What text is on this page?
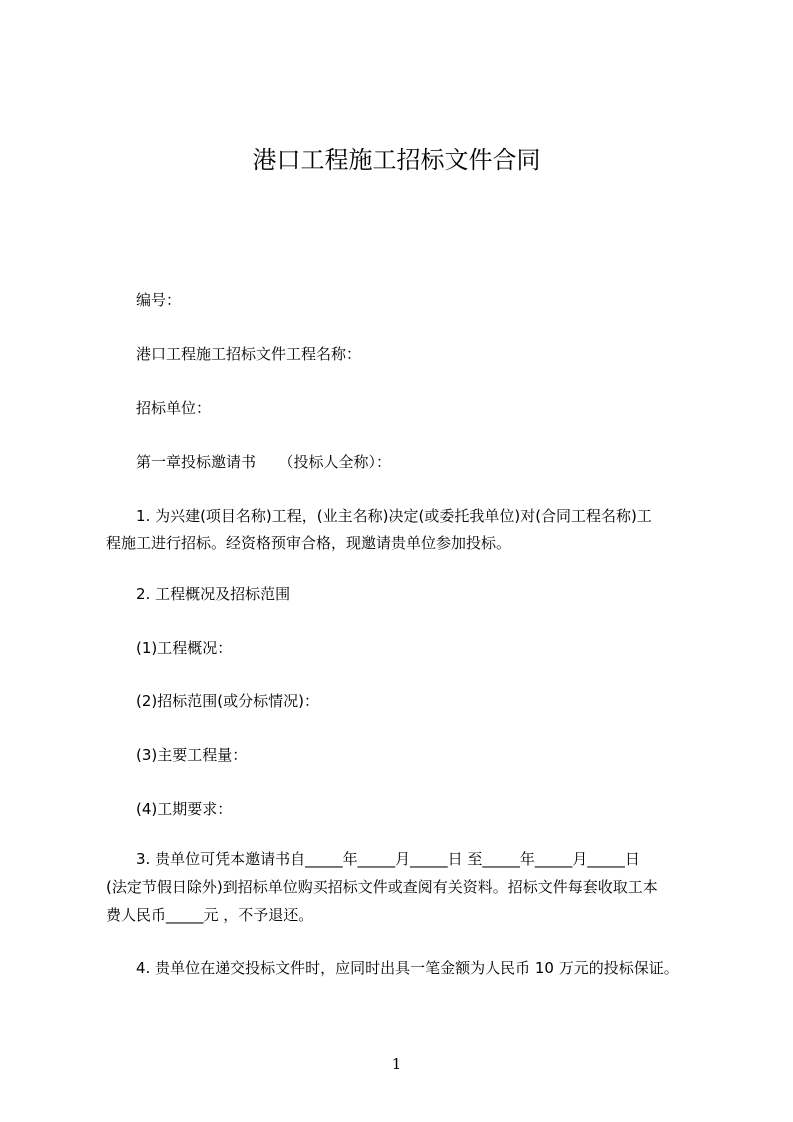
港口工程施工招标文件合同
编号：
港口工程施工招标文件工程名称：
招标单位：
第一章投标邀请书　　（投标人全称）：
1. 为兴建(项目名称)工程，(业主名称)决定(或委托我单位)对(合同工程名称)工
程施工进行招标。经资格预审合格，现邀请贵单位参加投标。
2. 工程概况及招标范围
(1)工程概况：
(2)招标范围(或分标情况)：
(3)主要工程量：
(4)工期要求：
3. 贵单位可凭本邀请书自_____年_____月_____日 至_____年_____月_____日
(法定节假日除外)到招标单位购买招标文件或查阅有关资料。招标文件每套收取工本
费人民币_____元 ，不予退还。
4. 贵单位在递交投标文件时，应同时出具一笔金额为人民币 10 万元的投标保证。
1
